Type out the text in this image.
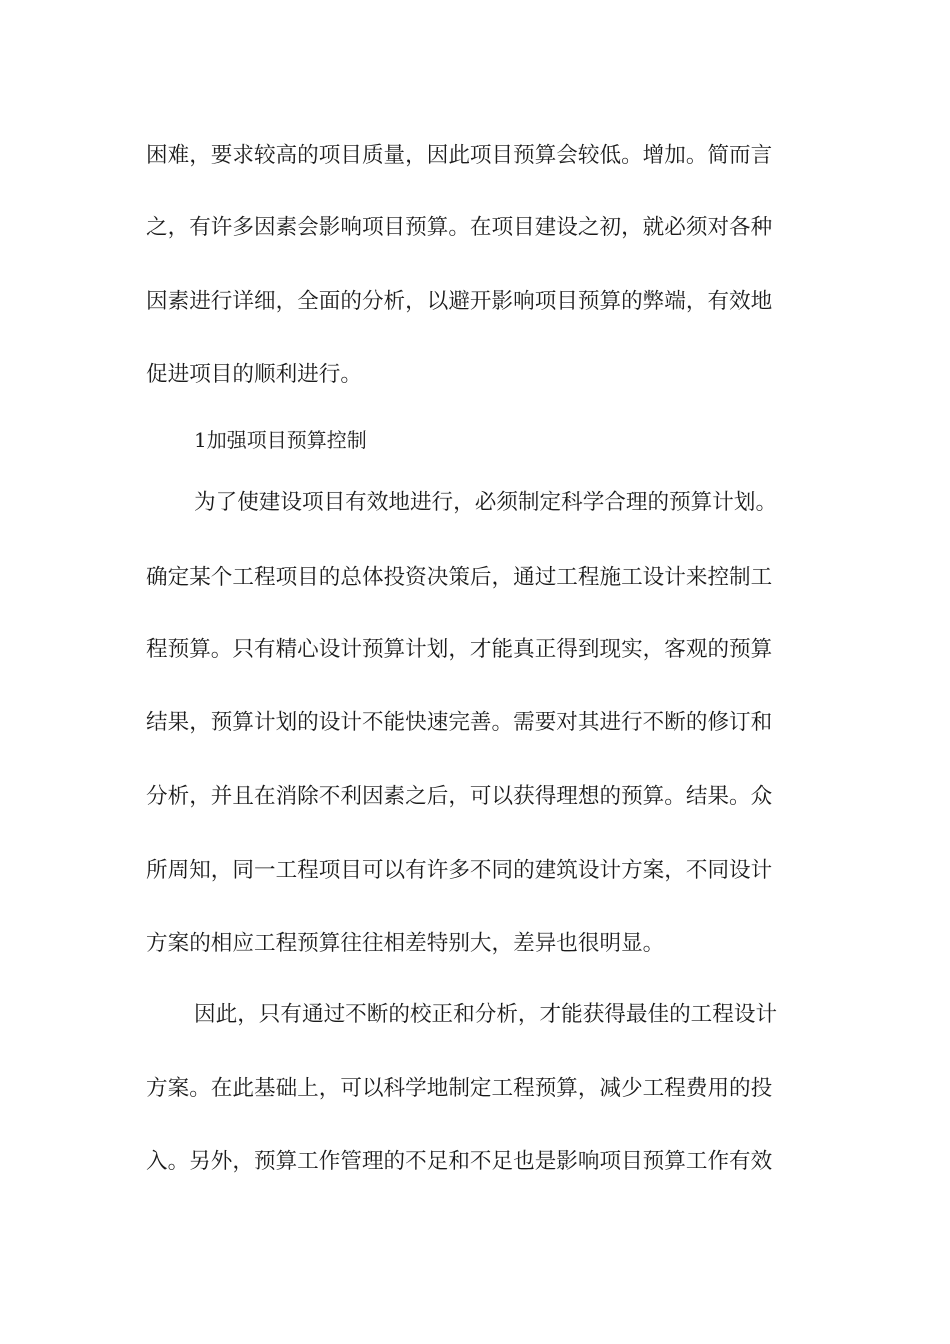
困难，要求较高的项目质量，因此项目预算会较低。增加。简而言
之，有许多因素会影响项目预算。在项目建设之初，就必须对各种
因素进行详细，全面的分析，以避开影响项目预算的弊端，有效地
促进项目的顺利进行。
1加强项目预算控制
为了使建设项目有效地进行，必须制定科学合理的预算计划。
确定某个工程项目的总体投资决策后，通过工程施工设计来控制工
程预算。只有精心设计预算计划，才能真正得到现实，客观的预算
结果，预算计划的设计不能快速完善。需要对其进行不断的修订和
分析，并且在消除不利因素之后，可以获得理想的预算。结果。众
所周知，同一工程项目可以有许多不同的建筑设计方案，不同设计
方案的相应工程预算往往相差特别大，差异也很明显。
因此，只有通过不断的校正和分析，才能获得最佳的工程设计
方案。在此基础上，可以科学地制定工程预算，减少工程费用的投
入。另外，预算工作管理的不足和不足也是影响项目预算工作有效
